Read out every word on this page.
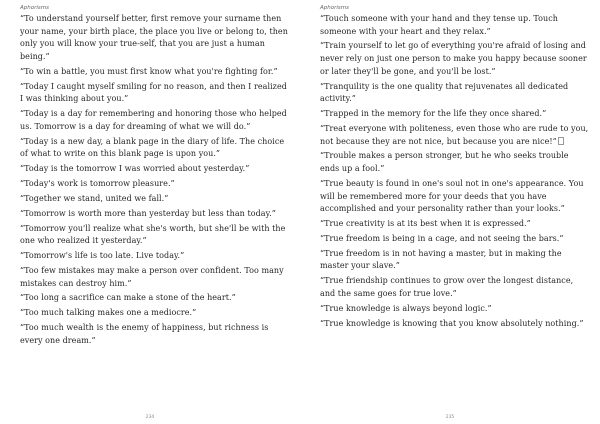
Aphorisms
“To understand yourself better, first remove your surname then your name, your birth place, the place you live or belong to, then only you will know your true-self, that you are just a human being.”
“To win a battle, you must first know what you're fighting for.”
“Today I caught myself smiling for no reason, and then I realized I was thinking about you.”
“Today is a day for remembering and honoring those who helped us. Tomorrow is a day for dreaming of what we will do.”
“Today is a new day, a blank page in the diary of life. The choice of what to write on this blank page is upon you.”
“Today is the tomorrow I was worried about yesterday.”
“Today's work is tomorrow pleasure.”
“Together we stand, united we fall.”
“Tomorrow is worth more than yesterday but less than today.”
“Tomorrow you'll realize what she's worth, but she'll be with the one who realized it yesterday.”
“Tomorrow's life is too late. Live today.”
“Too few mistakes may make a person over confident. Too many mistakes can destroy him.”
“Too long a sacrifice can make a stone of the heart.”
“Too much talking makes one a mediocre.”
“Too much wealth is the enemy of happiness, but richness is every one dream.”
234
Aphorisms
“Touch someone with your hand and they tense up. Touch someone with your heart and they relax.”
“Train yourself to let go of everything you're afraid of losing and never rely on just one person to make you happy because sooner or later they'll be gone, and you'll be lost.”
“Tranquility is the one quality that rejuvenates all dedicated activity.”
“Trapped in the memory for the life they once shared.”
“Treat everyone with politeness, even those who are rude to you, not because they are not nice, but because you are nice!”
“Trouble makes a person stronger, but he who seeks trouble ends up a fool.”
“True beauty is found in one's soul not in one's appearance. You will be remembered more for your deeds that you have accomplished and your personality rather than your looks.”
“True creativity is at its best when it is expressed.”
“True freedom is being in a cage, and not seeing the bars.”
“True freedom is in not having a master, but in making the master your slave.”
“True friendship continues to grow over the longest distance, and the same goes for true love.”
“True knowledge is always beyond logic.”
“True knowledge is knowing that you know absolutely nothing.”
235
